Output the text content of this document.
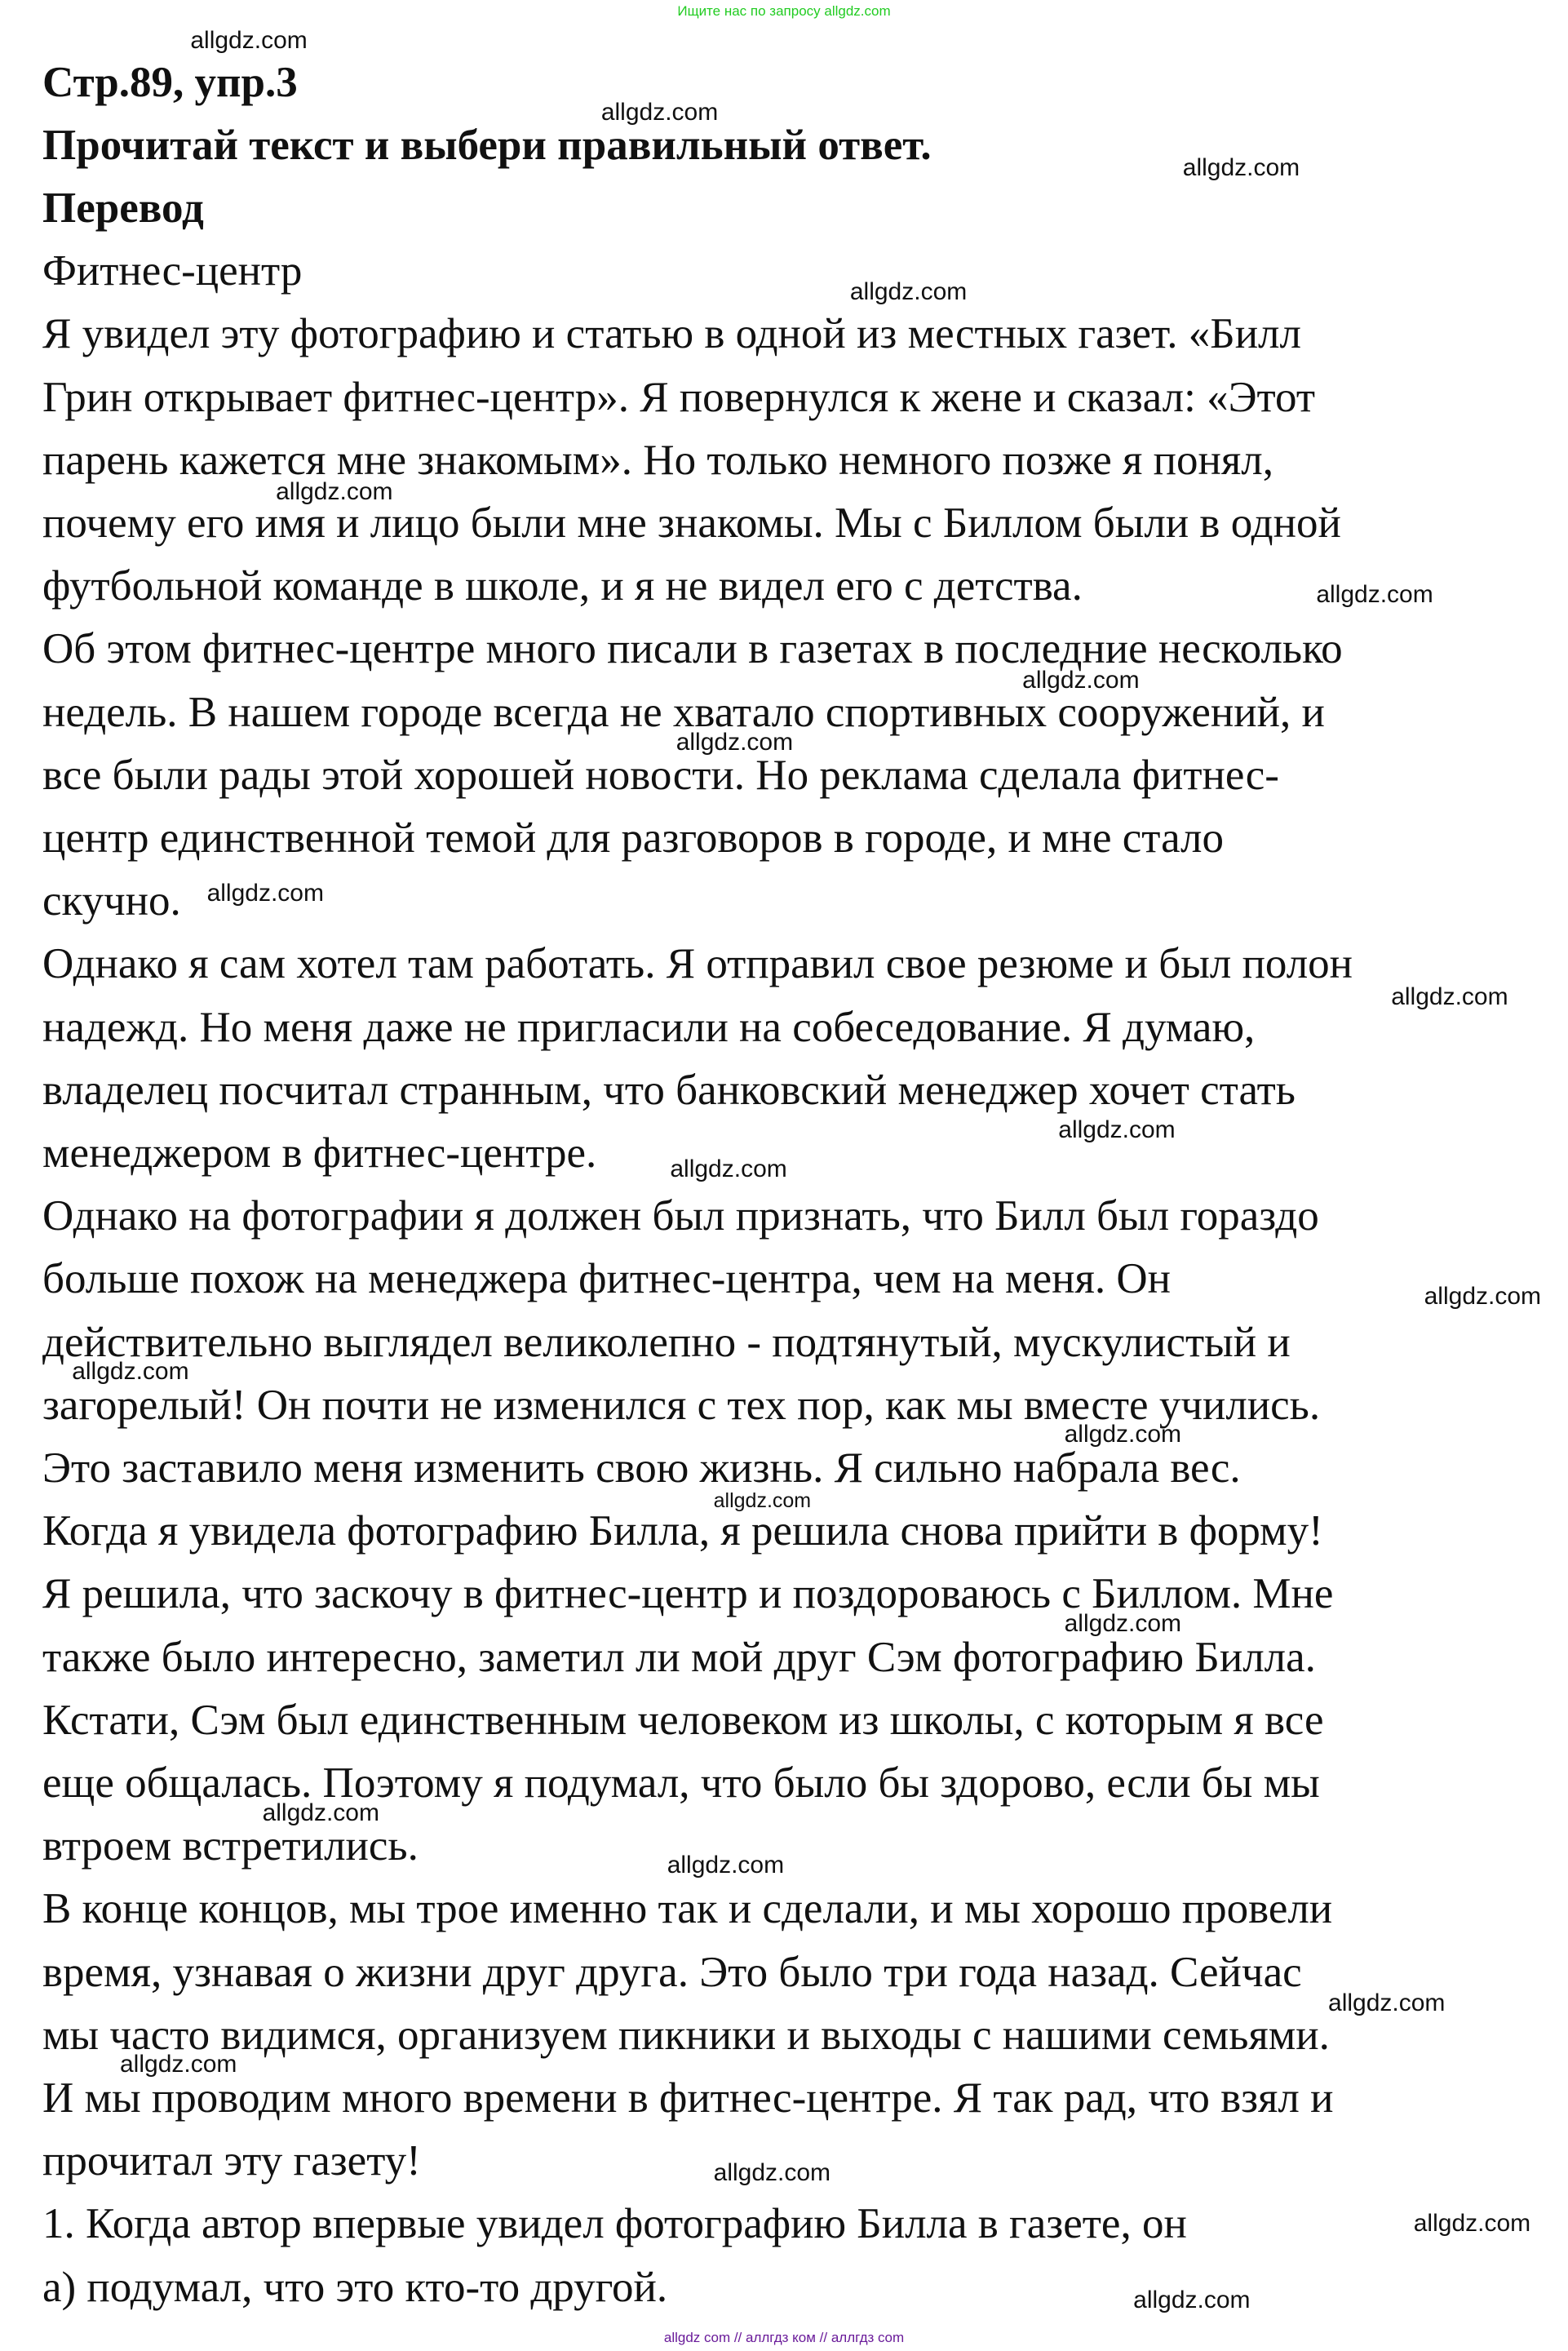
Ищите нас по запросу allgdz.com
Стр.89, упр.3
Прочитай текст и выбери правильный ответ.
Перевод
Фитнес-центр
Я увидел эту фотографию и статью в одной из местных газет. «Билл
Грин открывает фитнес-центр». Я повернулся к жене и сказал: «Этот
парень кажется мне знакомым». Но только немного позже я понял,
почему его имя и лицо были мне знакомы. Мы с Биллом были в одной
футбольной команде в школе, и я не видел его с детства.
Об этом фитнес-центре много писали в газетах в последние несколько
недель. В нашем городе всегда не хватало спортивных сооружений, и
все были рады этой хорошей новости. Но реклама сделала фитнес-
центр единственной темой для разговоров в городе, и мне стало
скучно.
Однако я сам хотел там работать. Я отправил свое резюме и был полон
надежд. Но меня даже не пригласили на собеседование. Я думаю,
владелец посчитал странным, что банковский менеджер хочет стать
менеджером в фитнес-центре.
Однако на фотографии я должен был признать, что Билл был гораздо
больше похож на менеджера фитнес-центра, чем на меня. Он
действительно выглядел великолепно - подтянутый, мускулистый и
загорелый! Он почти не изменился с тех пор, как мы вместе учились.
Это заставило меня изменить свою жизнь. Я сильно набрала вес.
Когда я увидела фотографию Билла, я решила снова прийти в форму!
Я решила, что заскочу в фитнес-центр и поздороваюсь с Биллом. Мне
также было интересно, заметил ли мой друг Сэм фотографию Билла.
Кстати, Сэм был единственным человеком из школы, с которым я все
еще общалась. Поэтому я подумал, что было бы здорово, если бы мы
втроем встретились.
В конце концов, мы трое именно так и сделали, и мы хорошо провели
время, узнавая о жизни друг друга. Это было три года назад. Сейчас
мы часто видимся, организуем пикники и выходы с нашими семьями.
И мы проводим много времени в фитнес-центре. Я так рад, что взял и
прочитал эту газету!
1. Когда автор впервые увидел фотографию Билла в газете, он
а) подумал, что это кто-то другой.
allgdz.com
allgdz.com
allgdz.com
allgdz.com
allgdz.com
allgdz.com
allgdz.com
allgdz.com
allgdz.com
allgdz.com
allgdz.com
allgdz.com
allgdz.com
allgdz.com
allgdz.com
allgdz.com
allgdz.com
allgdz.com
allgdz.com
allgdz.com
allgdz.com
allgdz.com
allgdz.com
allgdz.com
allgdz com // аллгдз ком // аллгдз com
